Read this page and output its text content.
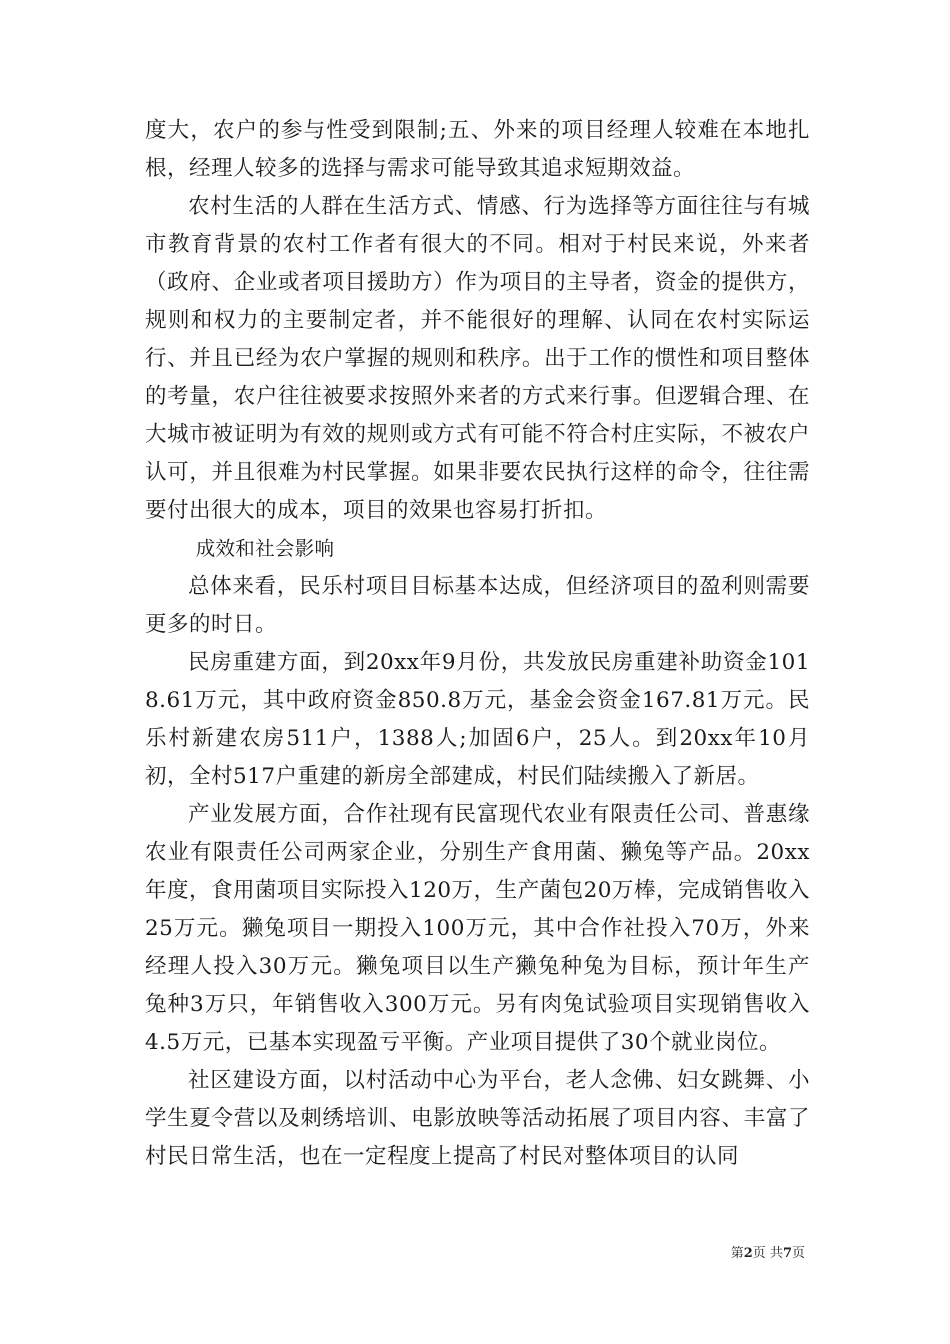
度大，农户的参与性受到限制;五、外来的项目经理人较难在本地扎根，经理人较多的选择与需求可能导致其追求短期效益。

农村生活的人群在生活方式、情感、行为选择等方面往往与有城市教育背景的农村工作者有很大的不同。相对于村民来说，外来者（政府、企业或者项目援助方）作为项目的主导者，资金的提供方，规则和权力的主要制定者，并不能很好的理解、认同在农村实际运行、并且已经为农户掌握的规则和秩序。出于工作的惯性和项目整体的考量，农户往往被要求按照外来者的方式来行事。但逻辑合理、在大城市被证明为有效的规则或方式有可能不符合村庄实际，不被农户认可，并且很难为村民掌握。如果非要农民执行这样的命令，往往需要付出很大的成本，项目的效果也容易打折扣。

成效和社会影响

总体来看，民乐村项目目标基本达成，但经济项目的盈利则需要更多的时日。

民房重建方面，到20xx年9月份，共发放民房重建补助资金1018.61万元，其中政府资金850.8万元，基金会资金167.81万元。民乐村新建农房511户，1388人;加固6户，25人。到20xx年10月初，全村517户重建的新房全部建成，村民们陆续搬入了新居。

产业发展方面，合作社现有民富现代农业有限责任公司、普惠缘农业有限责任公司两家企业，分别生产食用菌、獭兔等产品。20xx年度，食用菌项目实际投入120万，生产菌包20万棒，完成销售收入25万元。獭兔项目一期投入100万元，其中合作社投入70万，外来经理人投入30万元。獭兔项目以生产獭兔种兔为目标，预计年生产兔种3万只，年销售收入300万元。另有肉兔试验项目实现销售收入4.5万元，已基本实现盈亏平衡。产业项目提供了30个就业岗位。

社区建设方面，以村活动中心为平台，老人念佛、妇女跳舞、小学生夏令营以及刺绣培训、电影放映等活动拓展了项目内容、丰富了村民日常生活，也在一定程度上提高了村民对整体项目的认同

第2页 共7页
